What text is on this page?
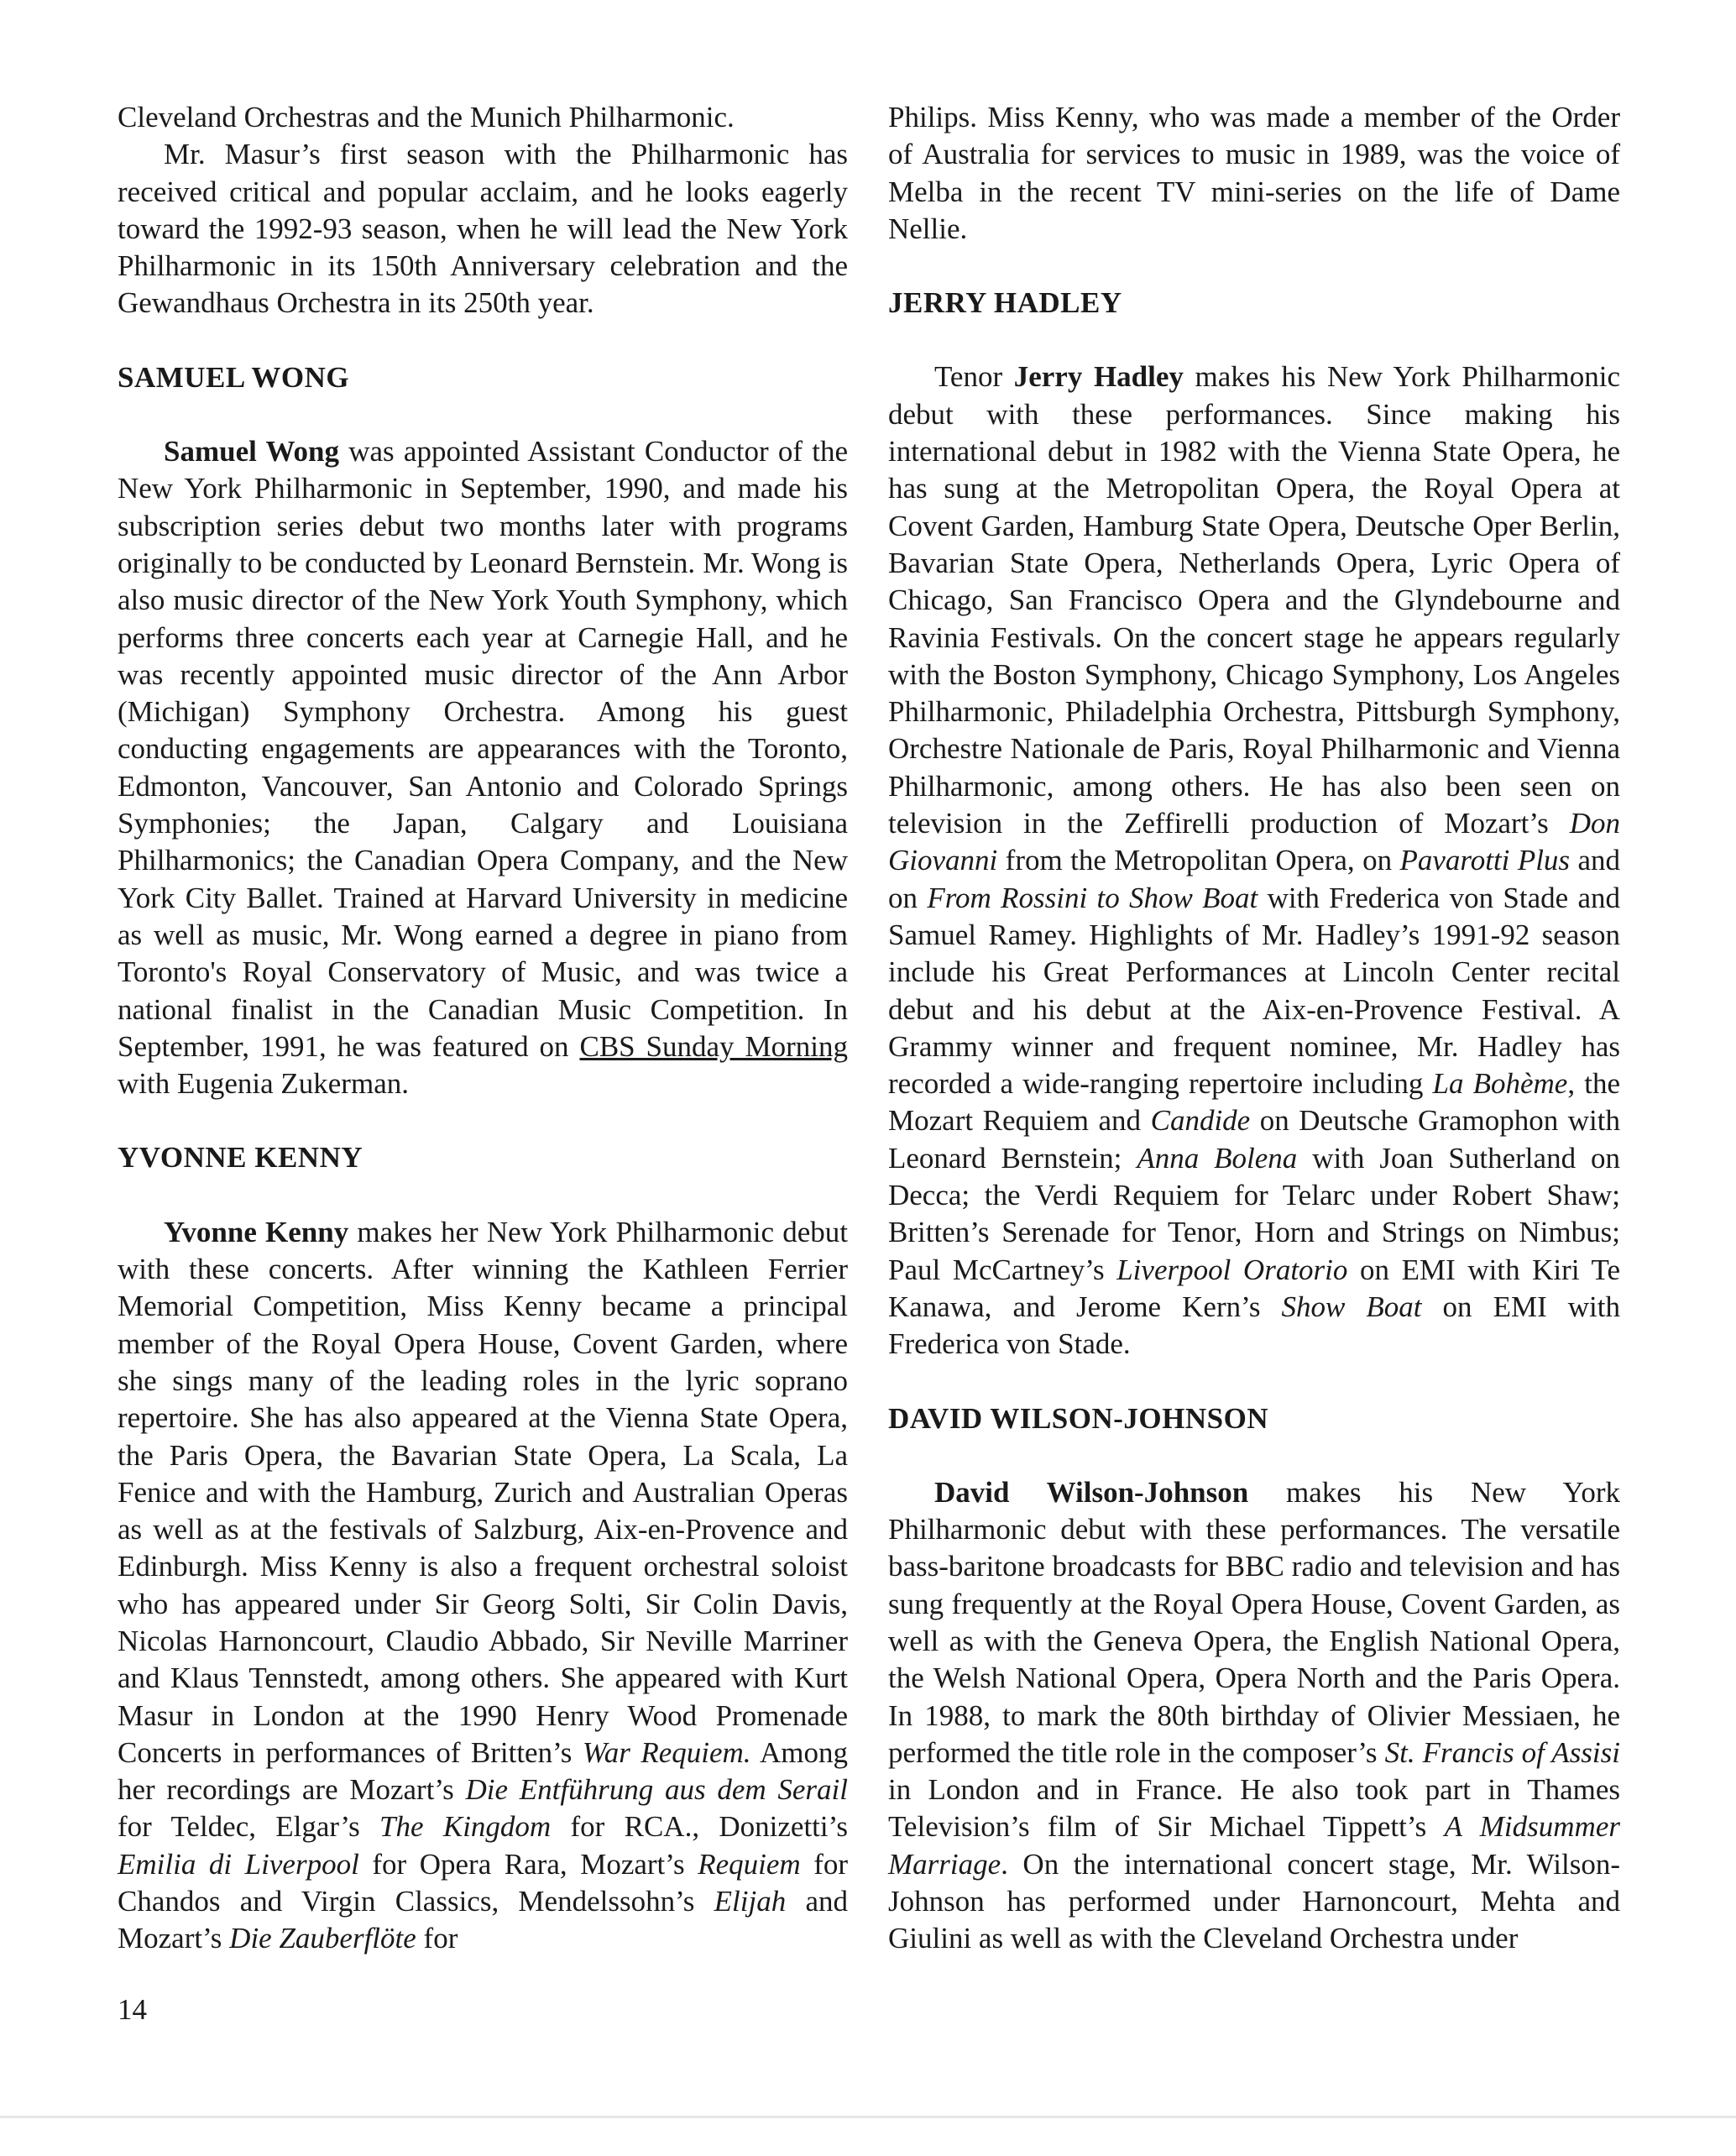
Cleveland Orchestras and the Munich Philharmonic.

Mr. Masur’s first season with the Philharmonic has received critical and popular acclaim, and he looks eagerly toward the 1992-93 season, when he will lead the New York Philharmonic in its 150th Anniversary celebration and the Gewandhaus Orchestra in its 250th year.

SAMUEL WONG

Samuel Wong was appointed Assistant Conductor of the New York Philharmonic in September, 1990, and made his subscription series debut two months later with programs originally to be conducted by Leonard Bernstein. Mr. Wong is also music director of the New York Youth Symphony, which performs three concerts each year at Carnegie Hall, and he was recently appointed music director of the Ann Arbor (Michigan) Symphony Orchestra. Among his guest conducting engagements are appearances with the Toronto, Edmonton, Vancouver, San Antonio and Colorado Springs Symphonies; the Japan, Calgary and Louisiana Philharmonics; the Canadian Opera Company, and the New York City Ballet. Trained at Harvard University in medicine as well as music, Mr. Wong earned a degree in piano from Toronto's Royal Conservatory of Music, and was twice a national finalist in the Canadian Music Competition. In September, 1991, he was featured on CBS Sunday Morning with Eugenia Zukerman.

YVONNE KENNY

Yvonne Kenny makes her New York Philharmonic debut with these concerts. After winning the Kathleen Ferrier Memorial Competition, Miss Kenny became a principal member of the Royal Opera House, Covent Garden, where she sings many of the leading roles in the lyric soprano repertoire. She has also appeared at the Vienna State Opera, the Paris Opera, the Bavarian State Opera, La Scala, La Fenice and with the Hamburg, Zurich and Australian Operas as well as at the festivals of Salzburg, Aix-en-Provence and Edinburgh. Miss Kenny is also a frequent orchestral soloist who has appeared under Sir Georg Solti, Sir Colin Davis, Nicolas Harnoncourt, Claudio Abbado, Sir Neville Marriner and Klaus Tennstedt, among others. She appeared with Kurt Masur in London at the 1990 Henry Wood Promenade Concerts in performances of Britten’s War Requiem. Among her recordings are Mozart’s Die Entführung aus dem Serail for Teldec, Elgar’s The Kingdom for RCA., Donizetti’s Emilia di Liverpool for Opera Rara, Mozart’s Requiem for Chandos and Virgin Classics, Mendelssohn’s Elijah and Mozart’s Die Zauberflöte for

Philips. Miss Kenny, who was made a member of the Order of Australia for services to music in 1989, was the voice of Melba in the recent TV mini-series on the life of Dame Nellie.

JERRY HADLEY

Tenor Jerry Hadley makes his New York Philharmonic debut with these performances. Since making his international debut in 1982 with the Vienna State Opera, he has sung at the Metropolitan Opera, the Royal Opera at Covent Garden, Hamburg State Opera, Deutsche Oper Berlin, Bavarian State Opera, Netherlands Opera, Lyric Opera of Chicago, San Francisco Opera and the Glyndebourne and Ravinia Festivals. On the concert stage he appears regularly with the Boston Symphony, Chicago Symphony, Los Angeles Philharmonic, Philadelphia Orchestra, Pittsburgh Symphony, Orchestre Nationale de Paris, Royal Philharmonic and Vienna Philharmonic, among others. He has also been seen on television in the Zeffirelli production of Mozart’s Don Giovanni from the Metropolitan Opera, on Pavarotti Plus and on From Rossini to Show Boat with Frederica von Stade and Samuel Ramey. Highlights of Mr. Hadley’s 1991-92 season include his Great Performances at Lincoln Center recital debut and his debut at the Aix-en-Provence Festival. A Grammy winner and frequent nominee, Mr. Hadley has recorded a wide-ranging repertoire including La Bohème, the Mozart Requiem and Candide on Deutsche Gramophon with Leonard Bernstein; Anna Bolena with Joan Sutherland on Decca; the Verdi Requiem for Telarc under Robert Shaw; Britten’s Serenade for Tenor, Horn and Strings on Nimbus; Paul McCartney’s Liverpool Oratorio on EMI with Kiri Te Kanawa, and Jerome Kern’s Show Boat on EMI with Frederica von Stade.

DAVID WILSON-JOHNSON

David Wilson-Johnson makes his New York Philharmonic debut with these performances. The versatile bass-baritone broadcasts for BBC radio and television and has sung frequently at the Royal Opera House, Covent Garden, as well as with the Geneva Opera, the English National Opera, the Welsh National Opera, Opera North and the Paris Opera. In 1988, to mark the 80th birthday of Olivier Messiaen, he performed the title role in the composer’s St. Francis of Assisi in London and in France. He also took part in Thames Television’s film of Sir Michael Tippett’s A Midsummer Marriage. On the international concert stage, Mr. Wilson-Johnson has performed under Harnoncourt, Mehta and Giulini as well as with the Cleveland Orchestra under

14
